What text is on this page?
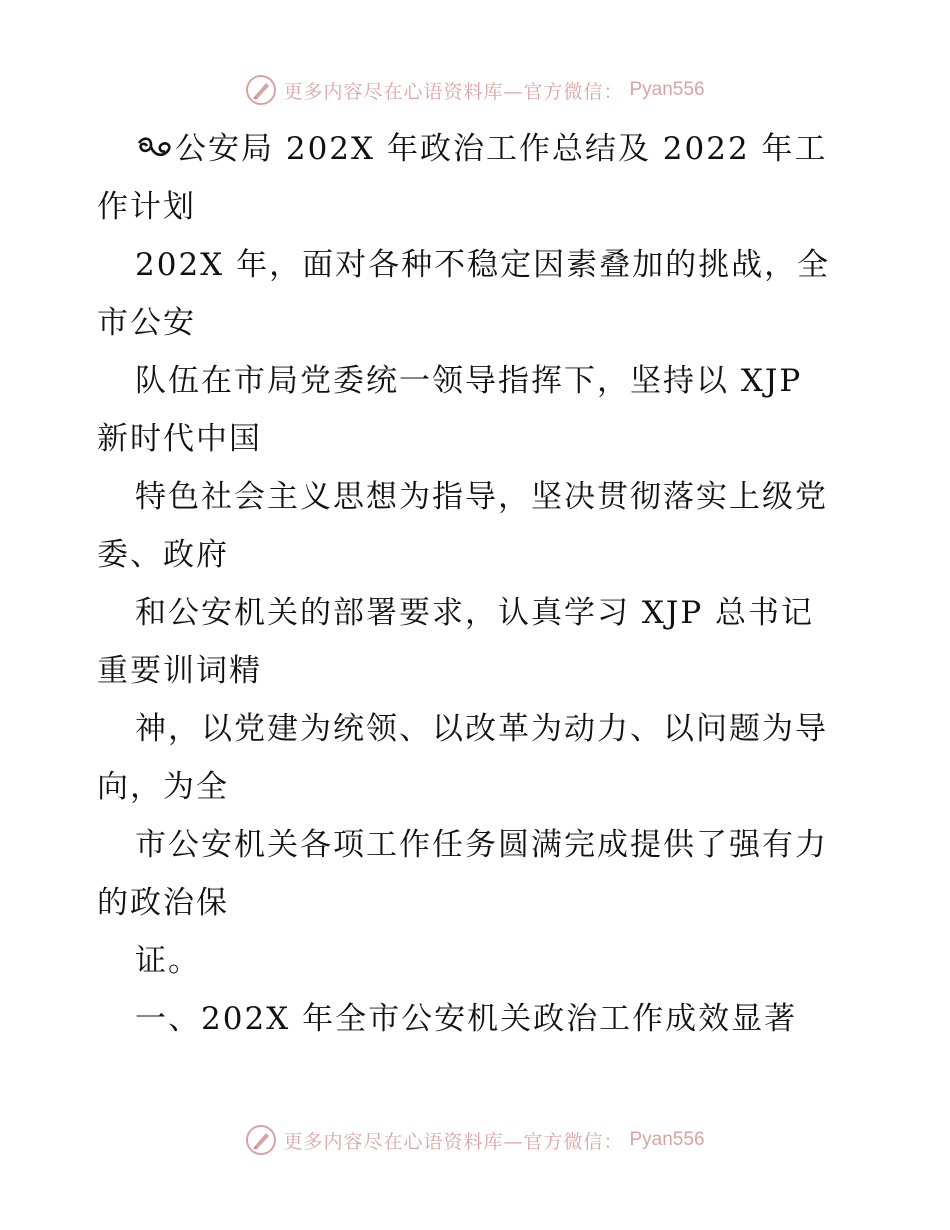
更多内容尽在心语资料库—官方微信： Pyan556
公安局 202X 年政治工作总结及 2022 年工
作计划
202X 年，面对各种不稳定因素叠加的挑战，全
市公安
队伍在市局党委统一领导指挥下，坚持以 XJP
新时代中国
特色社会主义思想为指导，坚决贯彻落实上级党
委、政府
和公安机关的部署要求，认真学习 XJP 总书记
重要训词精
神，以党建为统领、以改革为动力、以问题为导
向，为全
市公安机关各项工作任务圆满完成提供了强有力
的政治保
证。
一、202X 年全市公安机关政治工作成效显著
更多内容尽在心语资料库—官方微信： Pyan556
